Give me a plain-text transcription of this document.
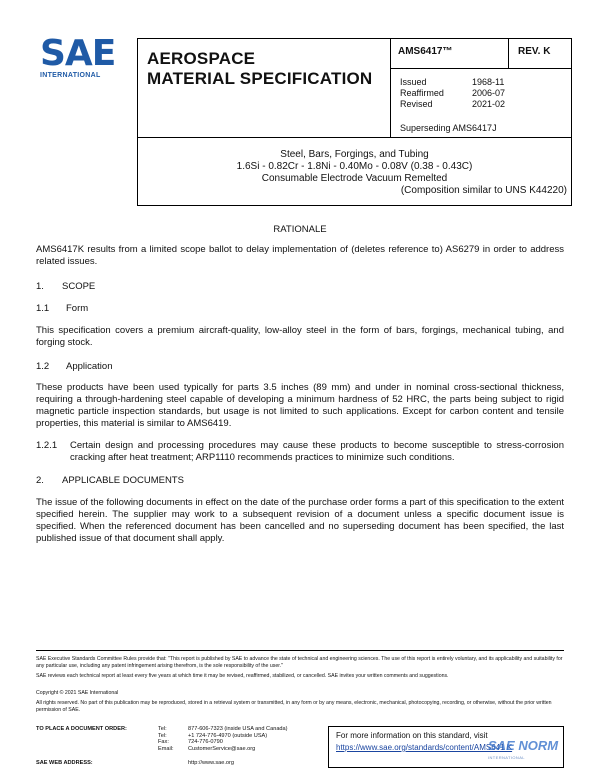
SAE
INTERNATIONAL
AEROSPACE
MATERIAL SPECIFICATION
AMS6417™	REV. K
Issued	1968-11
Reaffirmed	2006-07
Revised	2021-02
Superseding AMS6417J
Steel, Bars, Forgings, and Tubing
1.6Si - 0.82Cr - 1.8Ni - 0.40Mo - 0.08V (0.38 - 0.43C)
Consumable Electrode Vacuum Remelted
(Composition similar to UNS K44220)
RATIONALE
AMS6417K results from a limited scope ballot to delay implementation of (deletes reference to) AS6279 in order to address related issues.
1. SCOPE
1.1 Form
This specification covers a premium aircraft-quality, low-alloy steel in the form of bars, forgings, mechanical tubing, and forging stock.
1.2 Application
These products have been used typically for parts 3.5 inches (89 mm) and under in nominal cross-sectional thickness, requiring a through-hardening steel capable of developing a minimum hardness of 52 HRC, the parts being subject to rigid magnetic particle inspection standards, but usage is not limited to such applications. Except for carbon content and tensile properties, this material is similar to AMS6419.
1.2.1	Certain design and processing procedures may cause these products to become susceptible to stress-corrosion cracking after heat treatment; ARP1110 recommends practices to minimize such conditions.
2. APPLICABLE DOCUMENTS
The issue of the following documents in effect on the date of the purchase order forms a part of this specification to the extent specified herein. The supplier may work to a subsequent revision of a document unless a specific document issue is specified. When the referenced document has been cancelled and no superseding document has been specified, the last published issue of that document shall apply.
SAE Executive Standards Committee Rules provide that: "This report is published by SAE to advance the state of technical and engineering sciences. The use of this report is entirely voluntary, and its applicability and suitability for any particular use, including any patent infringement arising therefrom, is the sole responsibility of the user."
SAE reviews each technical report at least every five years at which time it may be revised, reaffirmed, stabilized, or cancelled. SAE invites your written comments and suggestions.
Copyright © 2021 SAE International
All rights reserved. No part of this publication may be reproduced, stored in a retrieval system or transmitted, in any form or by any means, electronic, mechanical, photocopying, recording, or otherwise, without the prior written permission of SAE.
TO PLACE A DOCUMENT ORDER:	Tel:	877-606-7323 (inside USA and Canada)
Tel:	+1 724-776-4970 (outside USA)
Fax:	724-776-0790
Email:	CustomerService@sae.org
SAE WEB ADDRESS:	http://www.sae.org
For more information on this standard, visit
https://www.sae.org/standards/content/AMS641 K
SAE NORM
INTERNATIONAL
